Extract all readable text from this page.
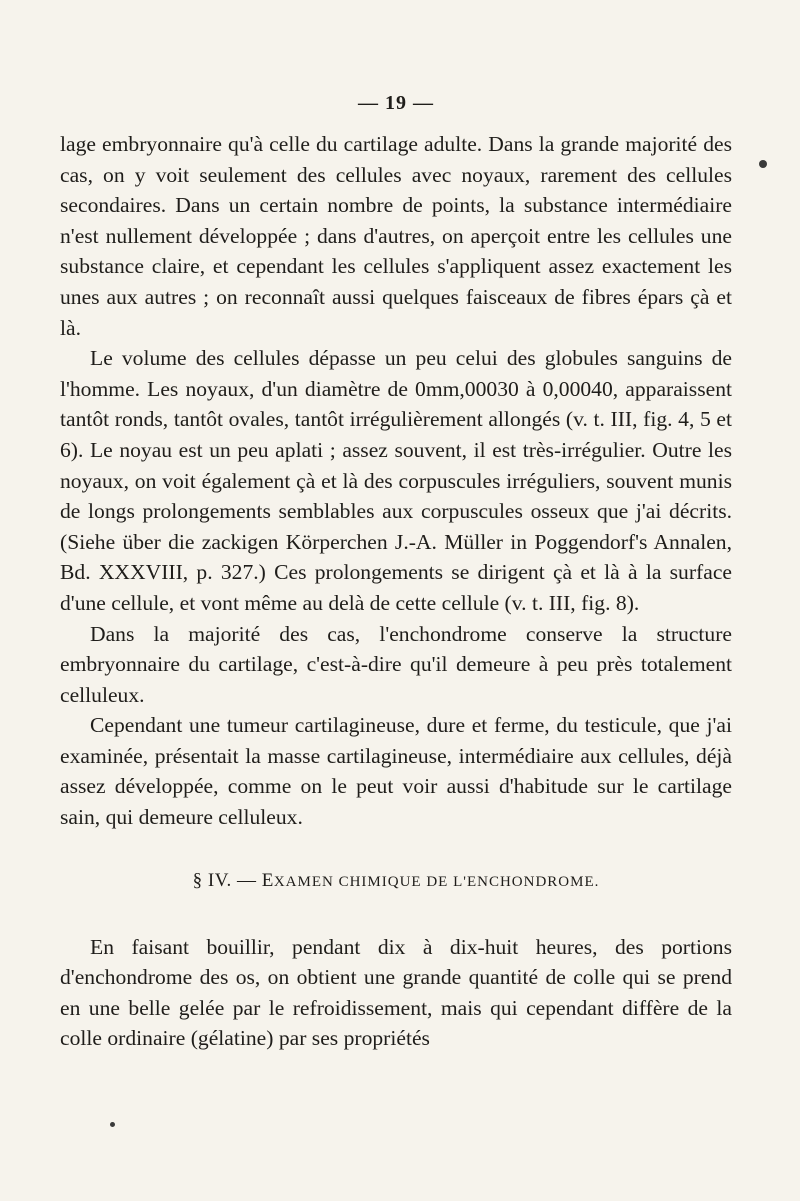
— 19 —

lage embryonnaire qu'à celle du cartilage adulte. Dans la grande majorité des cas, on y voit seulement des cellules avec noyaux, rarement des cellules secondaires. Dans un certain nombre de points, la substance intermédiaire n'est nullement développée ; dans d'autres, on aperçoit entre les cellules une substance claire, et cependant les cellules s'appliquent assez exactement les unes aux autres ; on reconnaît aussi quelques faisceaux de fibres épars çà et là.

Le volume des cellules dépasse un peu celui des globules sanguins de l'homme. Les noyaux, d'un diamètre de 0mm,00030 à 0,00040, apparaissent tantôt ronds, tantôt ovales, tantôt irrégulièrement allongés (v. t. III, fig. 4, 5 et 6). Le noyau est un peu aplati ; assez souvent, il est très-irrégulier. Outre les noyaux, on voit également çà et là des corpuscules irréguliers, souvent munis de longs prolongements semblables aux corpuscules osseux que j'ai décrits. (Siehe über die zackigen Körperchen J.-A. Müller in Poggendorf's Annalen, Bd. XXXVIII, p. 327.) Ces prolongements se dirigent çà et là à la surface d'une cellule, et vont même au delà de cette cellule (v. t. III, fig. 8).

Dans la majorité des cas, l'enchondrome conserve la structure embryonnaire du cartilage, c'est-à-dire qu'il demeure à peu près totalement celluleux.

Cependant une tumeur cartilagineuse, dure et ferme, du testicule, que j'ai examinée, présentait la masse cartilagineuse, intermédiaire aux cellules, déjà assez développée, comme on le peut voir aussi d'habitude sur le cartilage sain, qui demeure celluleux.

§ IV. — EXAMEN CHIMIQUE DE L'ENCHONDROME.

En faisant bouillir, pendant dix à dix-huit heures, des portions d'enchondrome des os, on obtient une grande quantité de colle qui se prend en une belle gelée par le refroidissement, mais qui cependant diffère de la colle ordinaire (gélatine) par ses propriétés
